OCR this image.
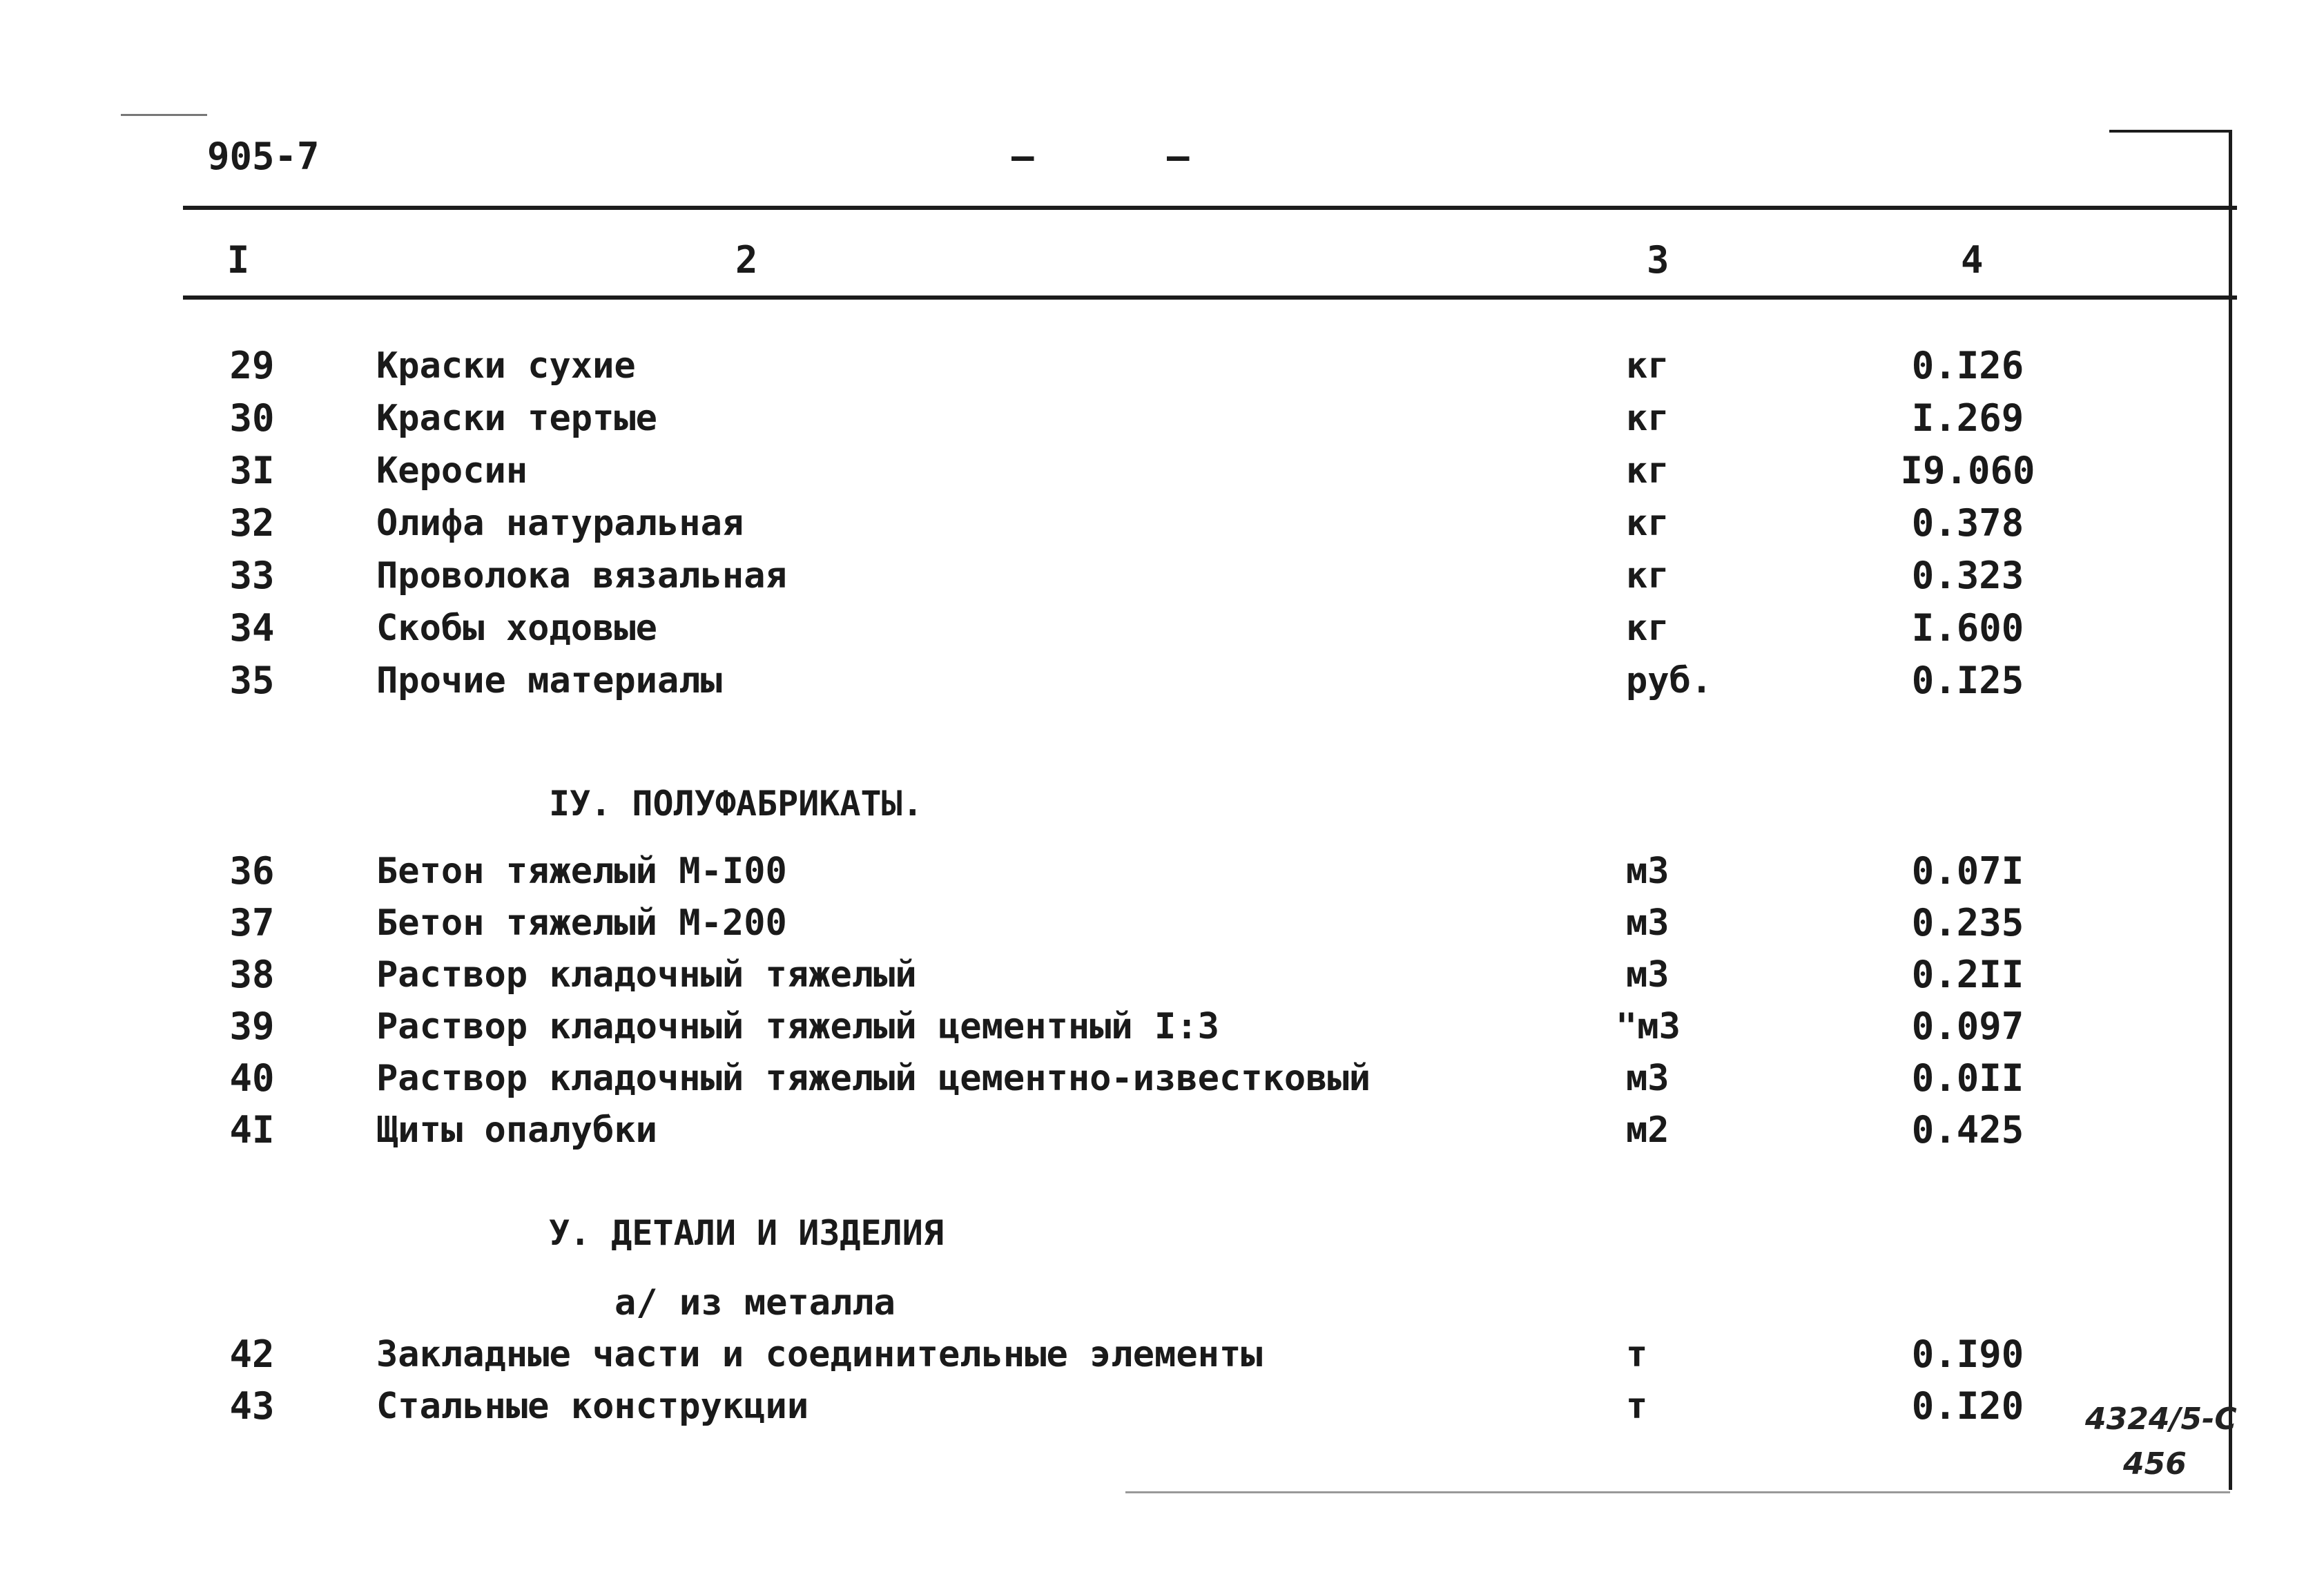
905-7	–	–
I	2	3	4
29	Краски сухие	кг	0.I26
30	Краски тертые	кг	I.269
3I	Керосин	кг	I9.060
32	Олифа натуральная	кг	0.378
33	Проволока вязальная	кг	0.323
34	Скобы ходовые	кг	I.600
35	Прочие материалы	руб.	0.I25
IУ. ПОЛУФАБРИКАТЫ.
36	Бетон тяжелый М-I00	м3	0.07I
37	Бетон тяжелый М-200	м3	0.235
38	Раствор кладочный тяжелый	м3	0.2II
39	Раствор кладочный тяжелый цементный I:3	"м3	0.097
40	Раствор кладочный тяжелый цементно-известковый	м3	0.0II
4I	Щиты опалубки	м2	0.425
У. ДЕТАЛИ И ИЗДЕЛИЯ
а/ из металла
42	Закладные части и соединительные элементы	т	0.I90
43	Стальные конструкции	т	0.I20	4324/5-С
456
